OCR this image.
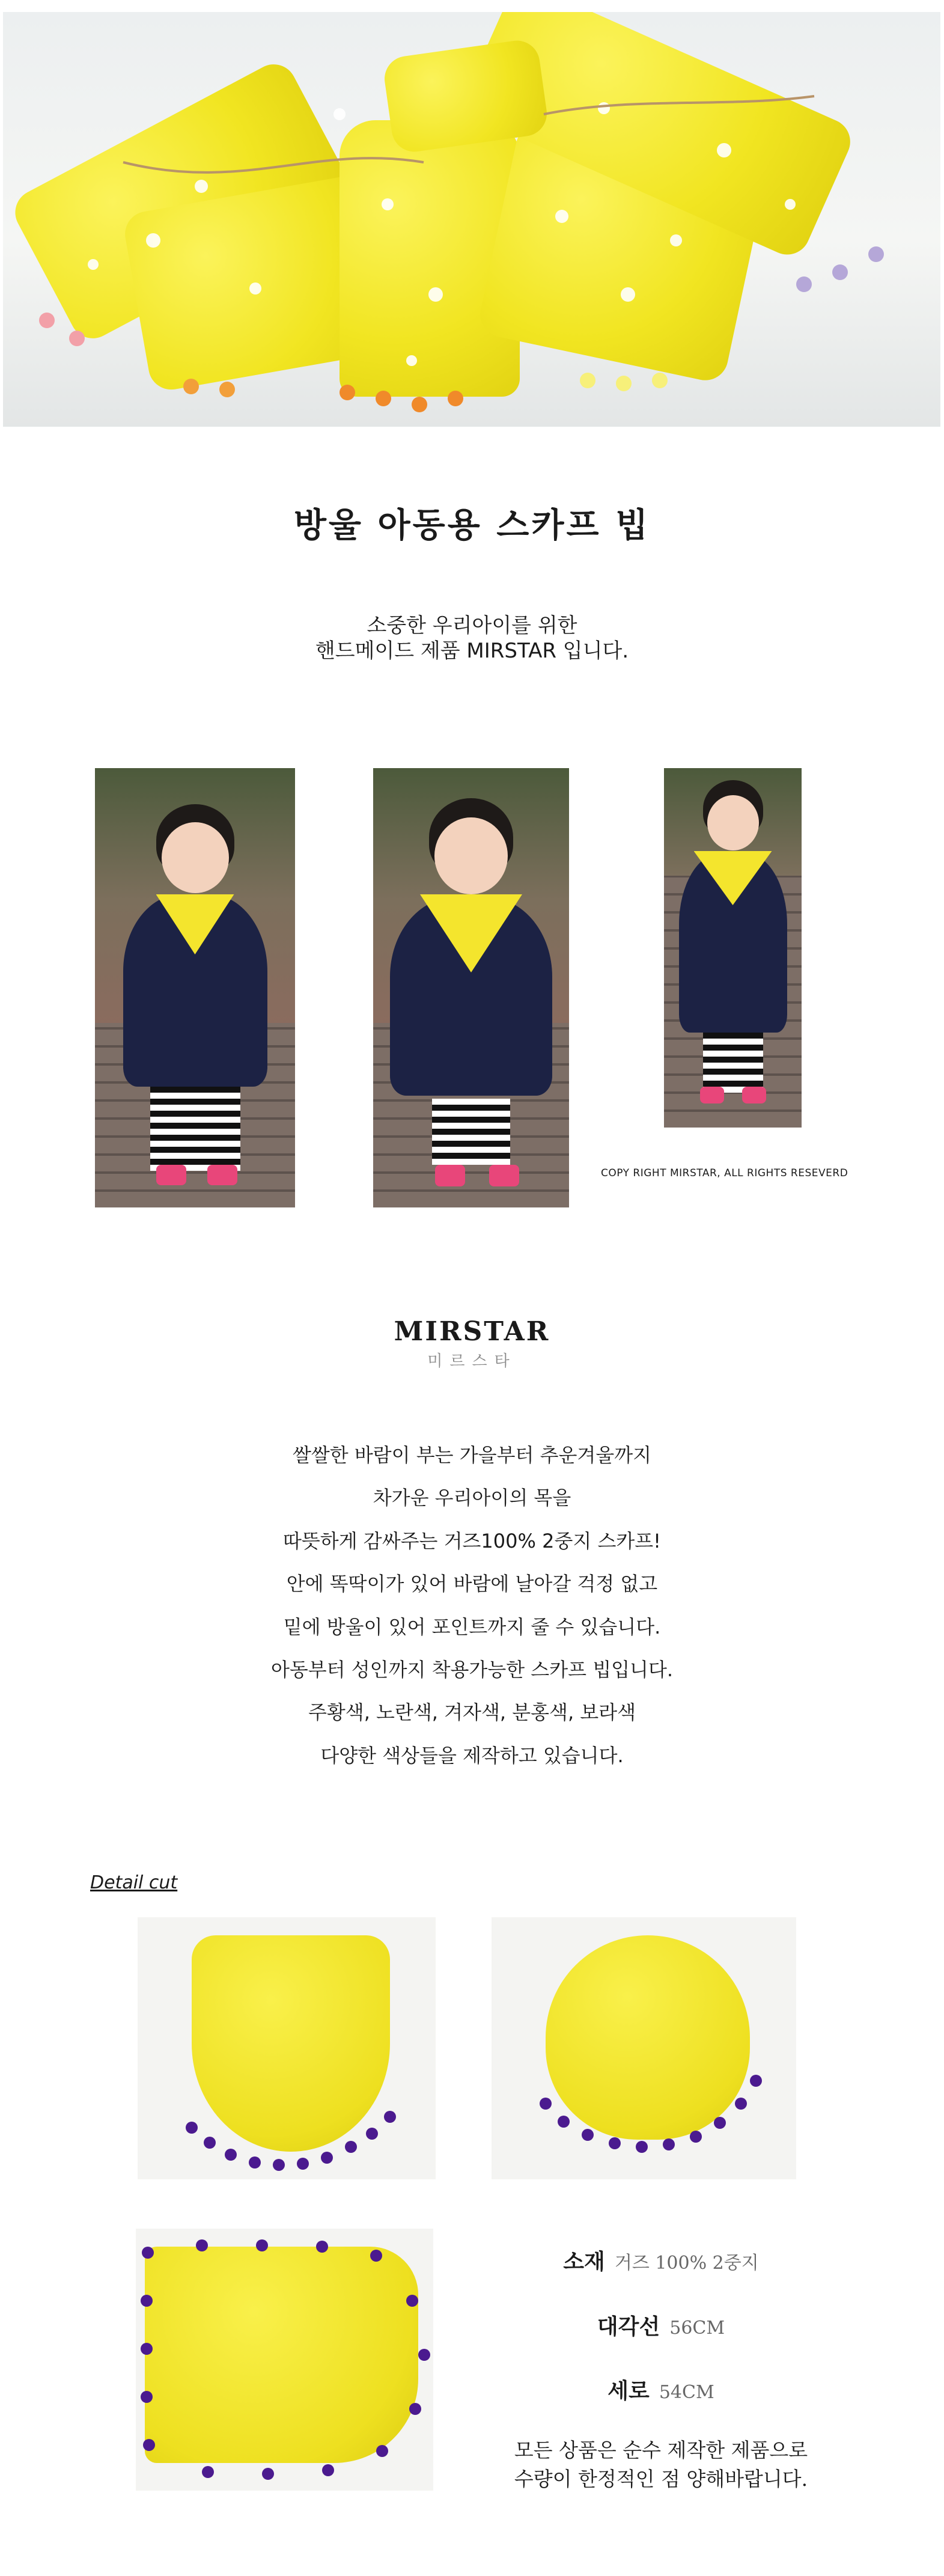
방울 아동용 스카프 빕
소중한 우리아이를 위한
핸드메이드 제품 MIRSTAR 입니다.
COPY RIGHT MIRSTAR, ALL RIGHTS RESEVERD
MIRSTAR
미르스타
쌀쌀한 바람이 부는 가을부터 추운겨울까지
차가운 우리아이의 목을
따뜻하게 감싸주는 거즈100% 2중지 스카프!
안에 똑딱이가 있어 바람에 날아갈 걱정 없고
밑에 방울이 있어 포인트까지 줄 수 있습니다.
아동부터 성인까지 착용가능한 스카프 빕입니다.
주황색, 노란색, 겨자색, 분홍색, 보라색
다양한 색상들을 제작하고 있습니다.
Detail cut
소재 거즈 100% 2중지
대각선 56CM
세로 54CM
모든 상품은 순수 제작한 제품으로
수량이 한정적인 점 양해바랍니다.
